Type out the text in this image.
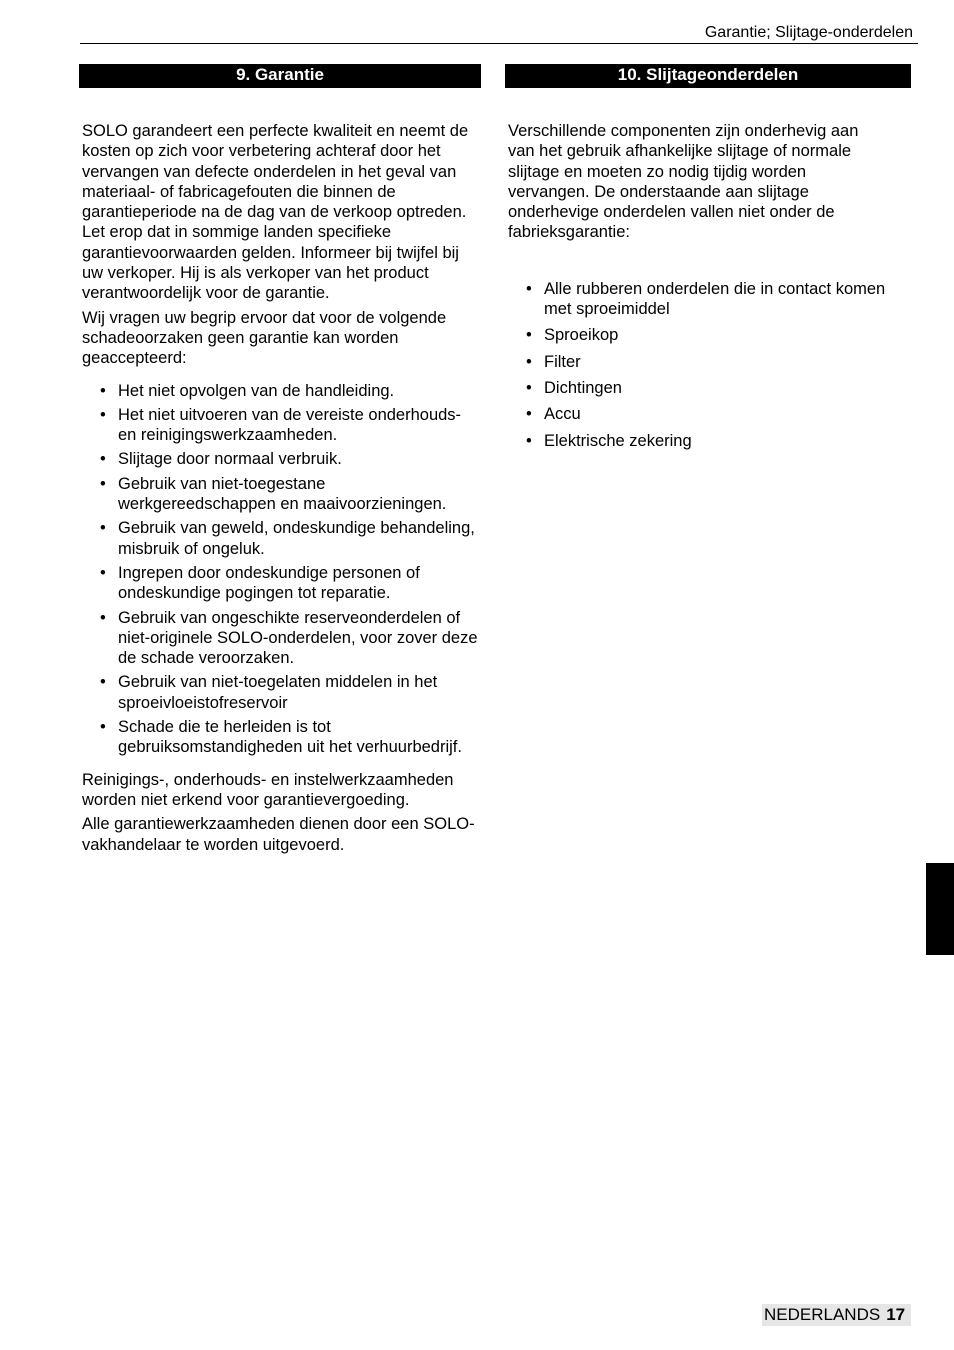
Garantie; Slijtage-onderdelen
9. Garantie	10. Slijtageonderdelen

SOLO garandeert een perfecte kwaliteit en neemt de kosten op zich voor verbetering achteraf door het vervangen van defecte onderdelen in het geval van materiaal- of fabricagefouten die binnen de garantieperiode na de dag van de verkoop optreden. Let erop dat in sommige landen specifieke garantievoorwaarden gelden. Informeer bij twijfel bij uw verkoper. Hij is als verkoper van het product verantwoordelijk voor de garantie.

Wij vragen uw begrip ervoor dat voor de volgende schadeoorzaken geen garantie kan worden geaccepteerd:

• Het niet opvolgen van de handleiding.
• Het niet uitvoeren van de vereiste onderhouds- en reinigingswerkzaamheden.
• Slijtage door normaal verbruik.
• Gebruik van niet-toegestane werkgereedschappen en maaivoorzieningen.
• Gebruik van geweld, ondeskundige behandeling, misbruik of ongeluk.
• Ingrepen door ondeskundige personen of ondeskundige pogingen tot reparatie.
• Gebruik van ongeschikte reserveonderdelen of niet-originele SOLO-onderdelen, voor zover deze de schade veroorzaken.
• Gebruik van niet-toegelaten middelen in het sproeivloeistofreservoir
• Schade die te herleiden is tot gebruiksomstandigheden uit het verhuurbedrijf.

Reinigings-, onderhouds- en instelwerkzaamheden worden niet erkend voor garantievergoeding.

Alle garantiewerkzaamheden dienen door een SOLO-vakhandelaar te worden uitgevoerd.

Verschillende componenten zijn onderhevig aan van het gebruik afhankelijke slijtage of normale slijtage en moeten zo nodig tijdig worden vervangen. De onderstaande aan slijtage onderhevige onderdelen vallen niet onder de fabrieksgarantie:

• Alle rubberen onderdelen die in contact komen met sproeimiddel
• Sproeikop
• Filter
• Dichtingen
• Accu
• Elektrische zekering
NEDERLANDS 17
